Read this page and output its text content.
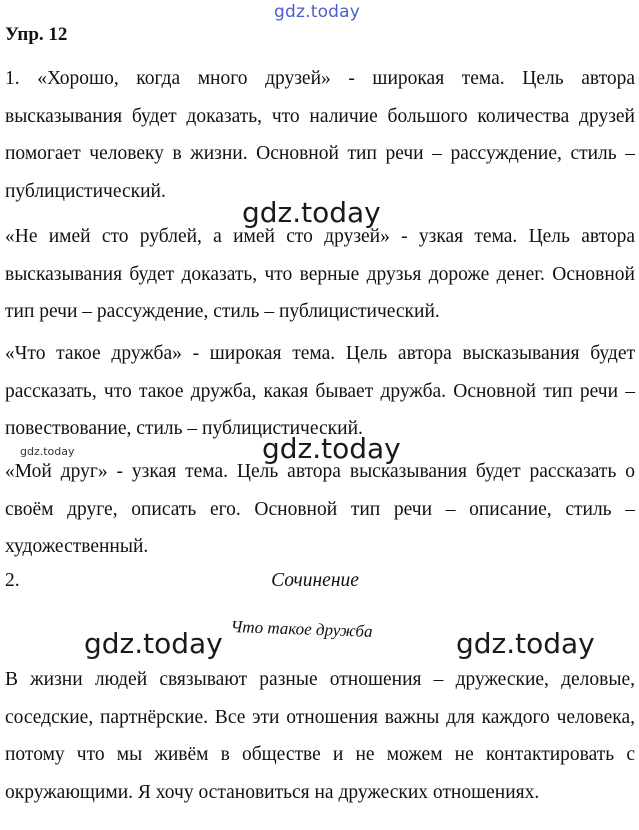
gdz.today
Упр. 12

1. «Хорошо, когда много друзей» - широкая тема. Цель автора высказывания будет доказать, что наличие большого количества друзей помогает человеку в жизни. Основной тип речи – рассуждение, стиль – публицистический.

gdz.today

«Не имей сто рублей, а имей сто друзей» - узкая тема. Цель автора высказывания будет доказать, что верные друзья дороже денег. Основной тип речи – рассуждение, стиль – публицистический.

«Что такое дружба» - широкая тема. Цель автора высказывания будет рассказать, что такое дружба, какая бывает дружба. Основной тип речи – повествование, стиль – публицистический.

gdz.today
gdz.today

«Мой друг» - узкая тема. Цель автора высказывания будет рассказать о своём друге, описать его. Основной тип речи – описание, стиль – художественный.

2.	Сочинение

gdz.today Что такое дружба	gdz.today

В жизни людей связывают разные отношения – дружеские, деловые, соседские, партнёрские. Все эти отношения важны для каждого человека, потому что мы живём в обществе и не можем не контактировать с окружающими. Я хочу остановиться на дружеских отношениях.
